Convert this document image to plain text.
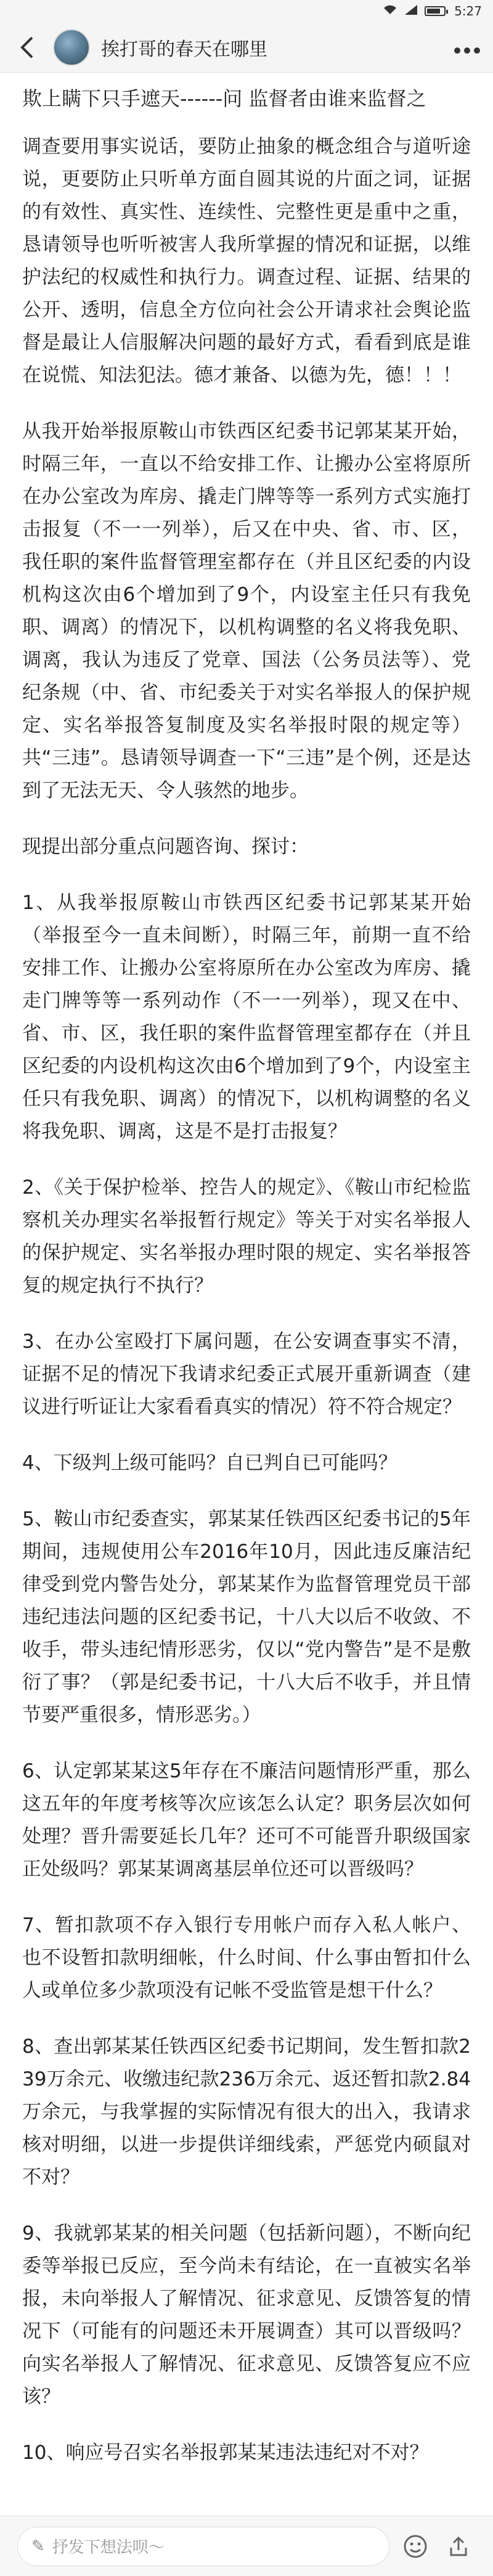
5:27
挨打哥的春天在哪里
欺上瞒下只手遮天------问 监督者由谁来监督之
调查要用事实说话，要防止抽象的概念组合与道听途说，更要防止只听单方面自圆其说的片面之词，证据的有效性、真实性、连续性、完整性更是重中之重，恳请领导也听听被害人我所掌握的情况和证据，以维护法纪的权威性和执行力。调查过程、证据、结果的公开、透明，信息全方位向社会公开请求社会舆论监督是最让人信服解决问题的最好方式，看看到底是谁在说慌、知法犯法。德才兼备、以德为先，德！！！
从我开始举报原鞍山市铁西区纪委书记郭某某开始，时隔三年，一直以不给安排工作、让搬办公室将原所在办公室改为库房、撬走门牌等等一系列方式实施打击报复（不一一列举），后又在中央、省、市、区，我任职的案件监督管理室都存在（并且区纪委的内设机构这次由6个增加到了9个，内设室主任只有我免职、调离）的情况下，以机构调整的名义将我免职、调离，我认为违反了党章、国法（公务员法等）、党纪条规（中、省、市纪委关于对实名举报人的保护规定、实名举报答复制度及实名举报时限的规定等）共“三违”。恳请领导调查一下“三违”是个例，还是达到了无法无天、令人骇然的地步。
现提出部分重点问题咨询、探讨：
1、从我举报原鞍山市铁西区纪委书记郭某某开始（举报至今一直未间断），时隔三年，前期一直不给安排工作、让搬办公室将原所在办公室改为库房、撬走门牌等等一系列动作（不一一列举），现又在中、省、市、区，我任职的案件监督管理室都存在（并且区纪委的内设机构这次由6个增加到了9个，内设室主任只有我免职、调离）的情况下，以机构调整的名义将我免职、调离，这是不是打击报复？
2、《关于保护检举、控告人的规定》、《鞍山市纪检监察机关办理实名举报暂行规定》等关于对实名举报人的保护规定、实名举报办理时限的规定、实名举报答复的规定执行不执行？
3、在办公室殴打下属问题，在公安调查事实不清，证据不足的情况下我请求纪委正式展开重新调查（建议进行听证让大家看看真实的情况）符不符合规定？
4、下级判上级可能吗？自已判自已可能吗？
5、鞍山市纪委查实，郭某某任铁西区纪委书记的5年期间，违规使用公车2016年10月，因此违反廉洁纪律受到党内警告处分，郭某某作为监督管理党员干部违纪违法问题的区纪委书记，十八大以后不收敛、不收手，带头违纪情形恶劣，仅以“党内警告”是不是敷衍了事？（郭是纪委书记，十八大后不收手，并且情节要严重很多，情形恶劣。）
6、认定郭某某这5年存在不廉洁问题情形严重，那么这五年的年度考核等次应该怎么认定？职务层次如何处理？晋升需要延长几年？还可不可能晋升职级国家正处级吗？郭某某调离基层单位还可以晋级吗？
7、暂扣款项不存入银行专用帐户而存入私人帐户、也不设暂扣款明细帐，什么时间、什么事由暂扣什么人或单位多少款项没有记帐不受监管是想干什么？
8、查出郭某某任铁西区纪委书记期间，发生暂扣款239万余元、收缴违纪款236万余元、返还暂扣款2.84万余元，与我掌握的实际情况有很大的出入，我请求核对明细，以进一步提供详细线索，严惩党内硕鼠对不对？
9、我就郭某某的相关问题（包括新问题），不断向纪委等举报已反应，至今尚未有结论，在一直被实名举报，未向举报人了解情况、征求意见、反馈答复的情况下（可能有的问题还未开展调查）其可以晋级吗？向实名举报人了解情况、征求意见、反馈答复应不应该？
10、响应号召实名举报郭某某违法违纪对不对？
✎ 抒发下想法呗～
